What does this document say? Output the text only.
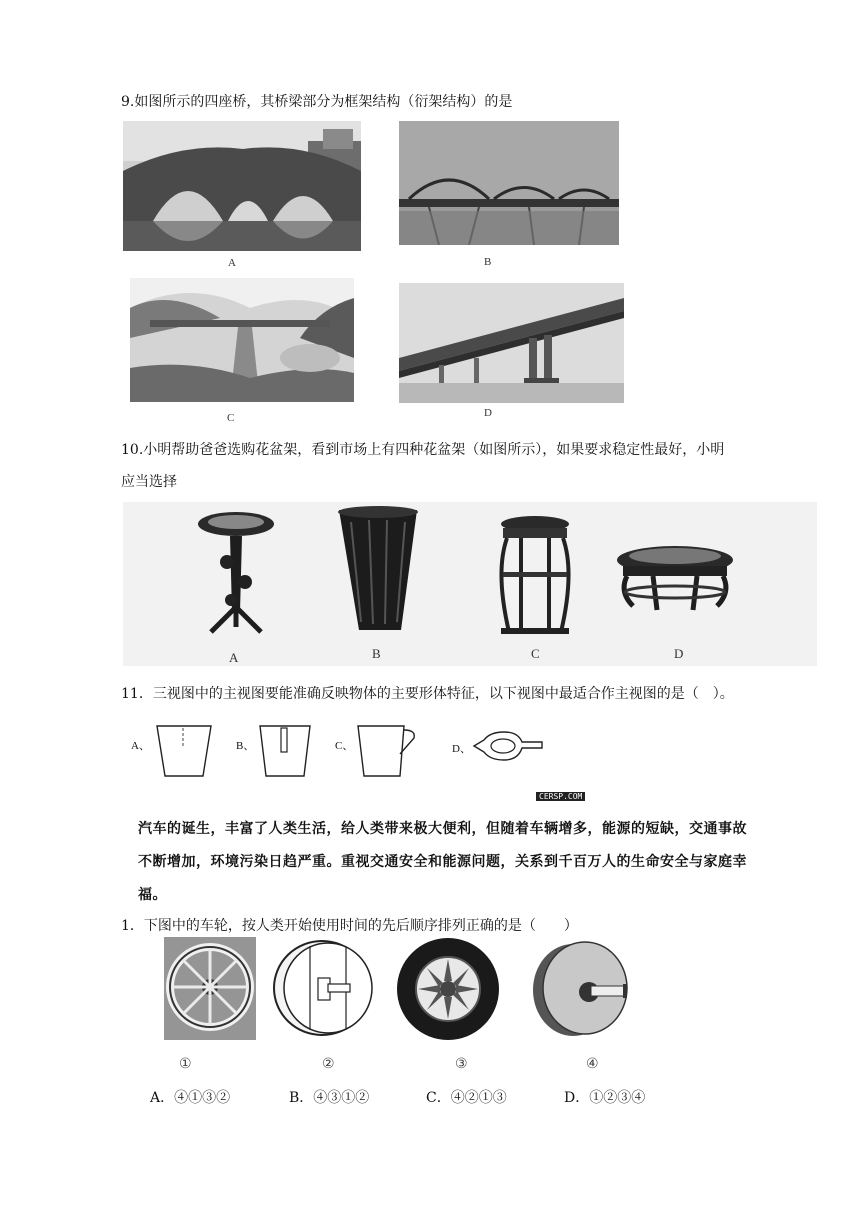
9.如图所示的四座桥，其桥梁部分为框架结构（衍架结构）的是
A	B
C	D
10.小明帮助爸爸选购花盆架，看到市场上有四种花盆架（如图所示），如果要求稳定性最好，小明
应当选择
A	B	C	D
11．三视图中的主视图要能准确反映物体的主要形体特征，以下视图中最适合作主视图的是（　）。
A、	B、	C、	D、
CERSP.COM
汽车的诞生，丰富了人类生活，给人类带来极大便利，但随着车辆增多，能源的短缺，交通事故
不断增加，环境污染日趋严重。重视交通安全和能源问题，关系到千百万人的生命安全与家庭幸
福。
1．下图中的车轮，按人类开始使用时间的先后顺序排列正确的是（　　）
①	②	③	④
A．④①③②	B．④③①②	C．④②①③	D．①②③④
